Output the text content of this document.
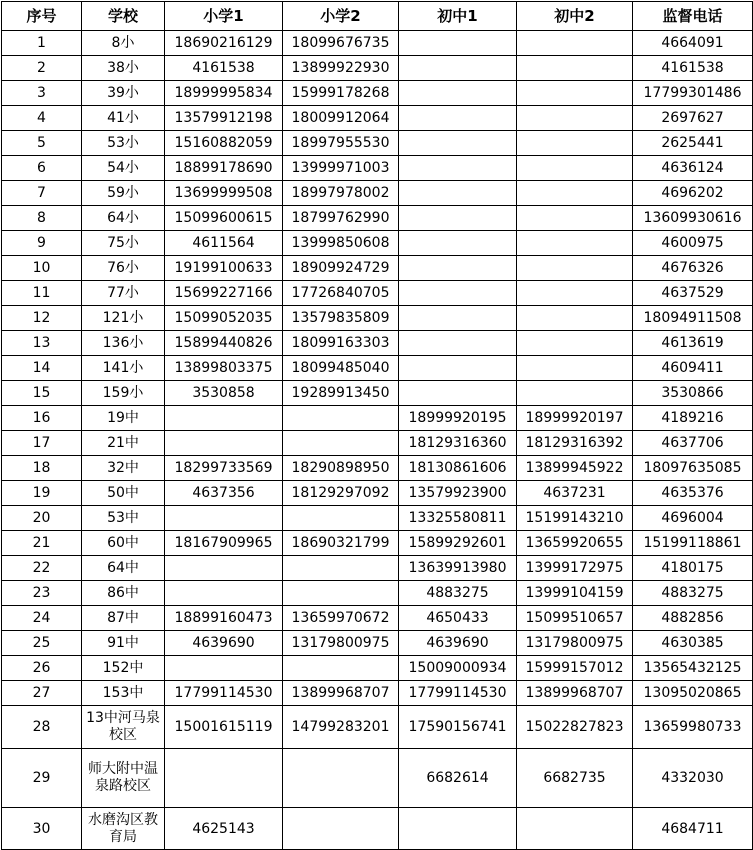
序号	学校	小学1	小学2	初中1	初中2	监督电话
1	8小	18690216129	18099676735			4664091
2	38小	4161538	13899922930			4161538
3	39小	18999995834	15999178268			17799301486
4	41小	13579912198	18009912064			2697627
5	53小	15160882059	18997955530			2625441
6	54小	18899178690	13999971003			4636124
7	59小	13699999508	18997978002			4696202
8	64小	15099600615	18799762990			13609930616
9	75小	4611564	13999850608			4600975
10	76小	19199100633	18909924729			4676326
11	77小	15699227166	17726840705			4637529
12	121小	15099052035	13579835809			18094911508
13	136小	15899440826	18099163303			4613619
14	141小	13899803375	18099485040			4609411
15	159小	3530858	19289913450			3530866
16	19中			18999920195	18999920197	4189216
17	21中			18129316360	18129316392	4637706
18	32中	18299733569	18290898950	18130861606	13899945922	18097635085
19	50中	4637356	18129297092	13579923900	4637231	4635376
20	53中			13325580811	15199143210	4696004
21	60中	18167909965	18690321799	15899292601	13659920655	15199118861
22	64中			13639913980	13999172975	4180175
23	86中			4883275	13999104159	4883275
24	87中	18899160473	13659970672	4650433	15099510657	4882856
25	91中	4639690	13179800975	4639690	13179800975	4630385
26	152中			15009000934	15999157012	13565432125
27	153中	17799114530	13899968707	17799114530	13899968707	13095020865
28	13中河马泉校区	15001615119	14799283201	17590156741	15022827823	13659980733
29	师大附中温泉路校区			6682614	6682735	4332030
30	水磨沟区教育局	4625143				4684711
